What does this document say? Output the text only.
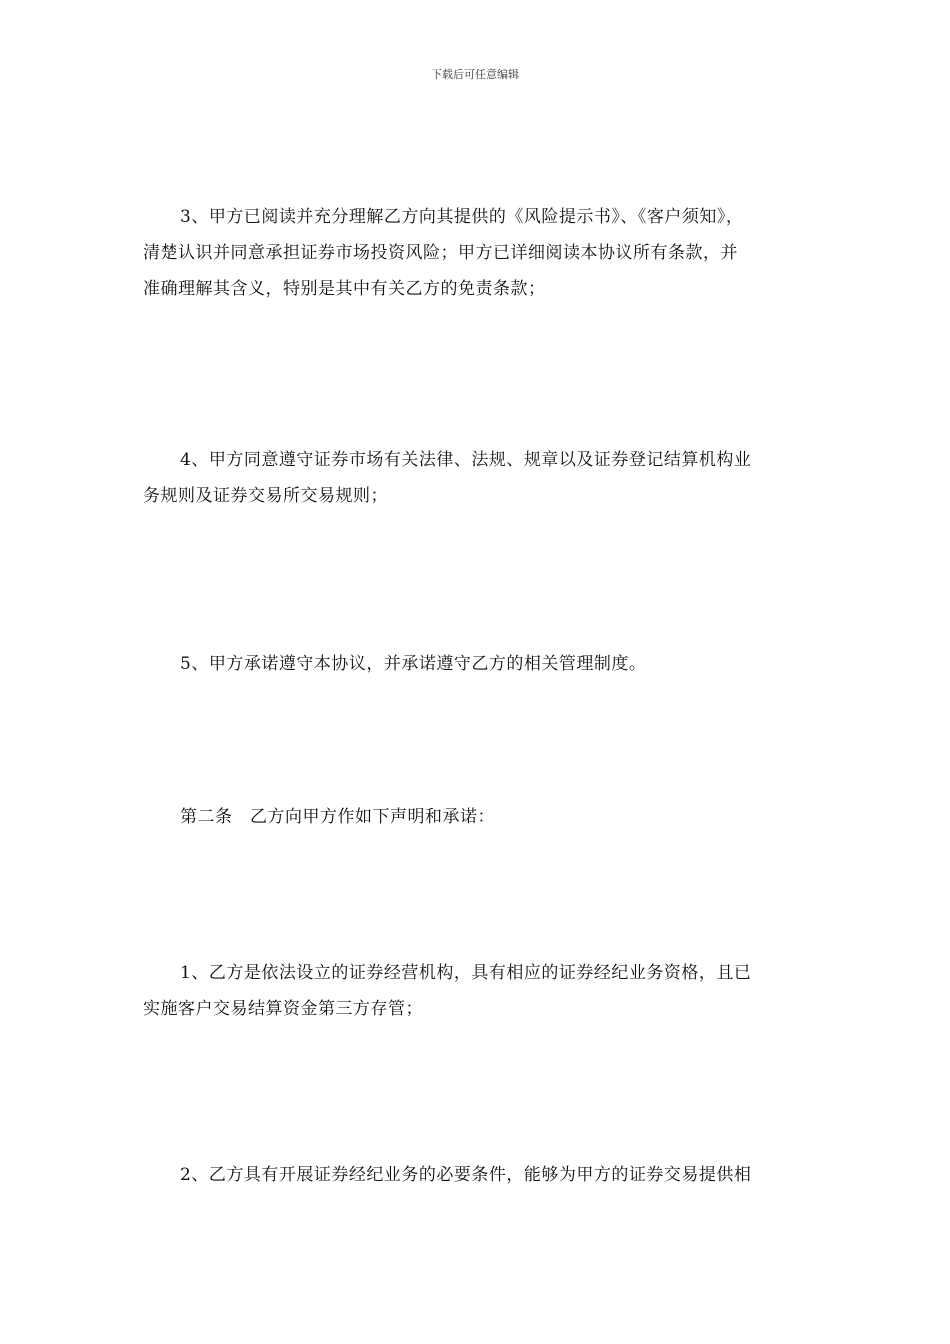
下载后可任意编辑
3、甲方已阅读并充分理解乙方向其提供的《风险提示书》、《客户须知》，
清楚认识并同意承担证券市场投资风险；甲方已详细阅读本协议所有条款，并
准确理解其含义，特别是其中有关乙方的免责条款；
4、甲方同意遵守证券市场有关法律、法规、规章以及证券登记结算机构业
务规则及证券交易所交易规则；
5、甲方承诺遵守本协议，并承诺遵守乙方的相关管理制度。
第二条　乙方向甲方作如下声明和承诺：
1、乙方是依法设立的证券经营机构，具有相应的证券经纪业务资格，且已
实施客户交易结算资金第三方存管；
2、乙方具有开展证券经纪业务的必要条件，能够为甲方的证券交易提供相
